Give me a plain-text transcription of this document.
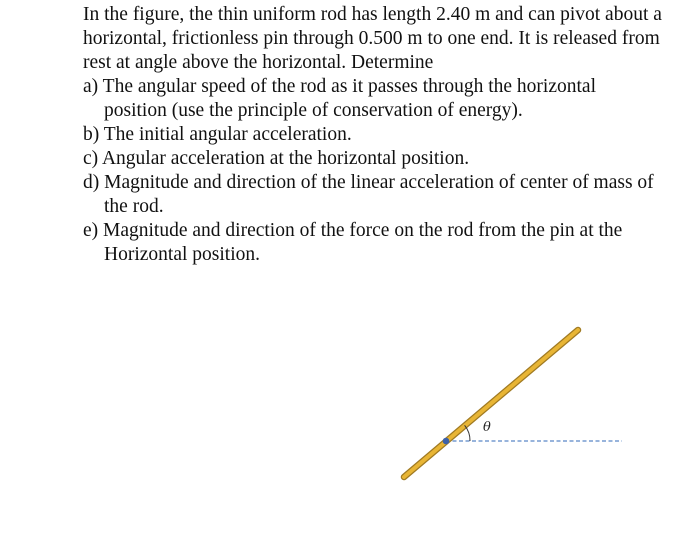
In the figure, the thin uniform rod has length 2.40 m and can pivot about a horizontal, frictionless pin through 0.500 m to one end. It is released from rest at angle above the horizontal. Determine

a) The angular speed of the rod as it passes through the horizontal position (use the principle of conservation of energy).

b) The initial angular acceleration.

c) Angular acceleration at the horizontal position.

d) Magnitude and direction of the linear acceleration of center of mass of the rod.

e) Magnitude and direction of the force on the rod from the pin at the Horizontal position.

θ
